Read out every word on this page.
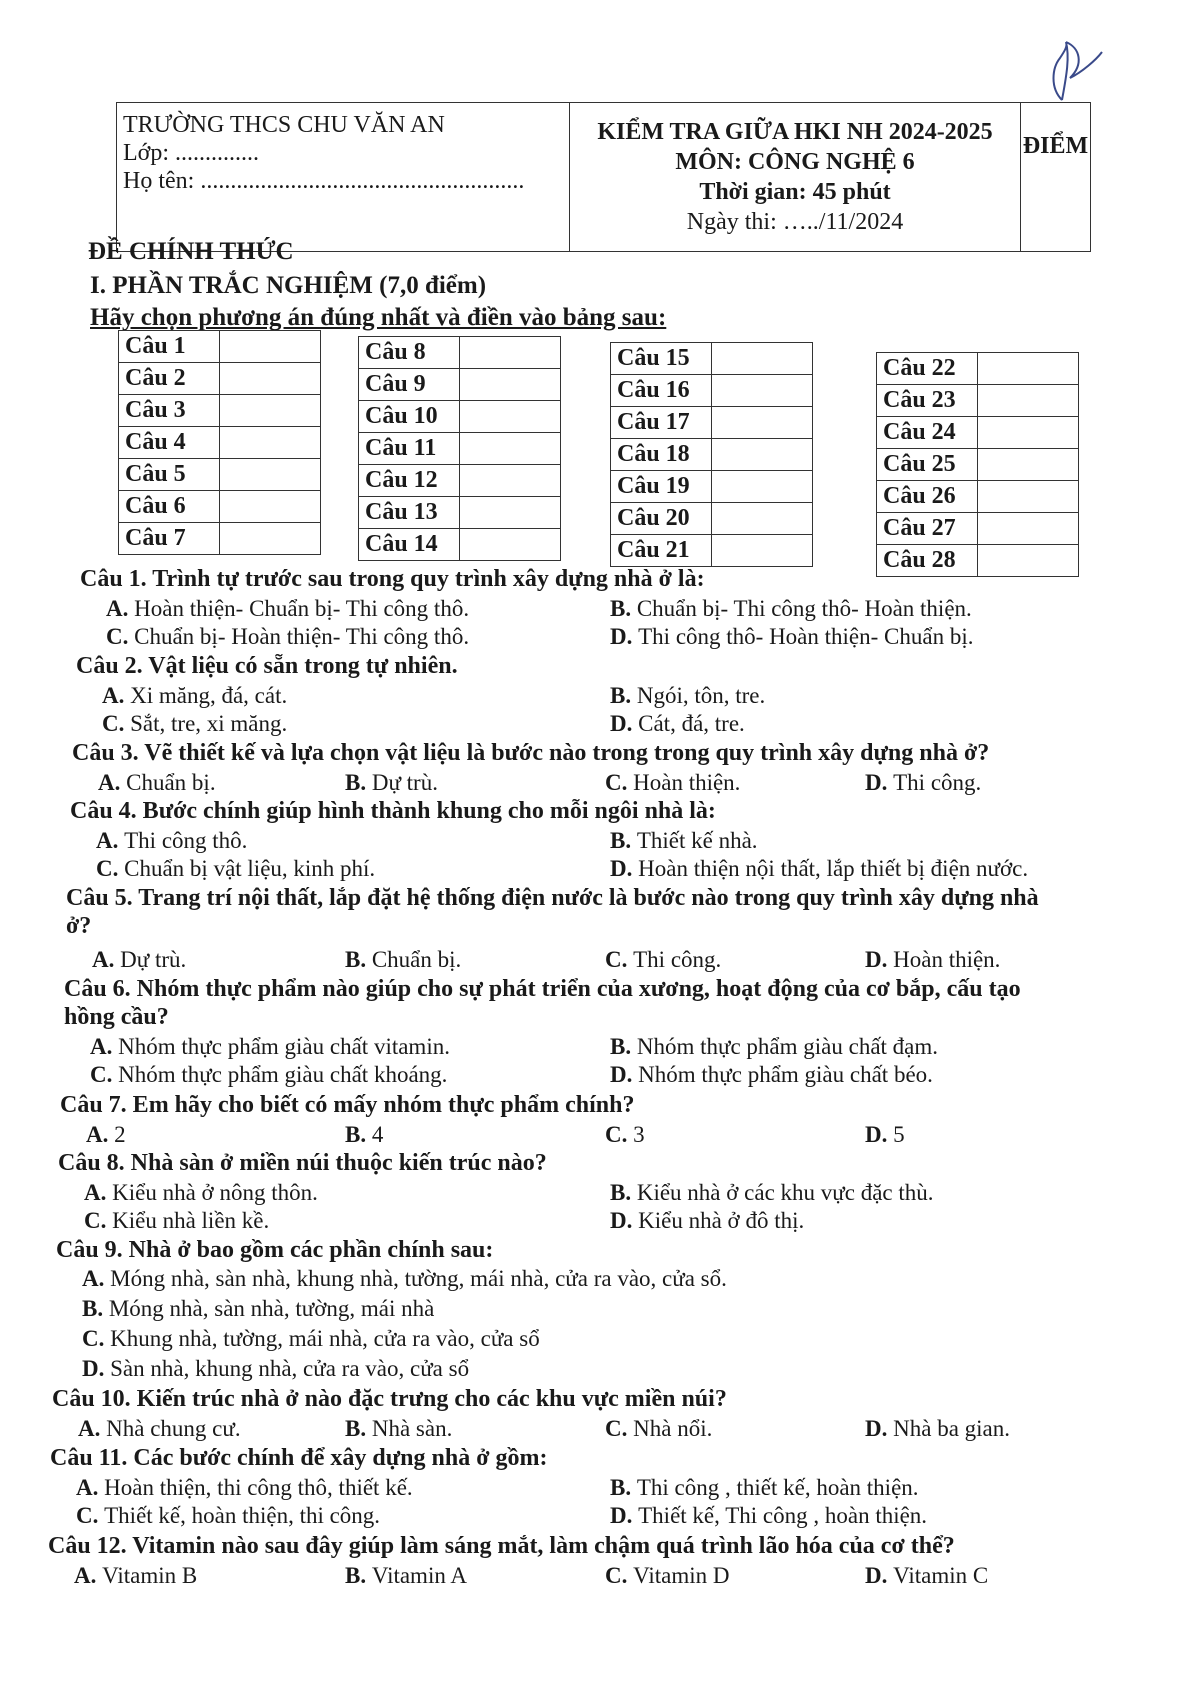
TRƯỜNG THCS CHU VĂN AN
Lớp: ..............
Họ tên: ......................................................

KIỂM TRA GIỮA HKI NH 2024-2025
MÔN: CÔNG NGHỆ 6
Thời gian: 45 phút
Ngày thi: …../11/2024

ĐIỂM
ĐỀ CHÍNH THỨC
I. PHẦN TRẮC NGHIỆM (7,0 điểm)
Hãy chọn phương án đúng nhất và điền vào bảng sau:
Câu 1	
Câu 2	
Câu 3	
Câu 4	
Câu 5	
Câu 6	
Câu 7	
Câu 8	
Câu 9	
Câu 10	
Câu 11	
Câu 12	
Câu 13	
Câu 14	
Câu 15	
Câu 16	
Câu 17	
Câu 18	
Câu 19	
Câu 20	
Câu 21	
Câu 22	
Câu 23	
Câu 24	
Câu 25	
Câu 26	
Câu 27	
Câu 28	
Câu 1. Trình tự trước sau trong quy trình xây dựng nhà ở là:
A. Hoàn thiện- Chuẩn bị- Thi công thô.	B. Chuẩn bị- Thi công thô- Hoàn thiện.
C. Chuẩn bị- Hoàn thiện- Thi công thô.	D. Thi công thô- Hoàn thiện- Chuẩn bị.
Câu 2. Vật liệu có sẵn trong tự nhiên.
A. Xi măng, đá, cát.	B. Ngói, tôn, tre.
C. Sắt, tre, xi măng.	D. Cát, đá, tre.
Câu 3. Vẽ thiết kế và lựa chọn vật liệu là bước nào trong trong quy trình xây dựng nhà ở?
A. Chuẩn bị.	B. Dự trù.	C. Hoàn thiện.	D. Thi công.
Câu 4. Bước chính giúp hình thành khung cho mỗi ngôi nhà là:
A. Thi công thô.	B. Thiết kế nhà.
C. Chuẩn bị vật liệu, kinh phí.	D. Hoàn thiện nội thất, lắp thiết bị điện nước.
Câu 5. Trang trí nội thất, lắp đặt hệ thống điện nước là bước nào trong quy trình xây dựng nhà
ở?
A. Dự trù.	B. Chuẩn bị.	C. Thi công.	D. Hoàn thiện.
Câu 6. Nhóm thực phẩm nào giúp cho sự phát triển của xương, hoạt động của cơ bắp, cấu tạo
hồng cầu?
A. Nhóm thực phẩm giàu chất vitamin.	B. Nhóm thực phẩm giàu chất đạm.
C. Nhóm thực phẩm giàu chất khoáng.	D. Nhóm thực phẩm giàu chất béo.
Câu 7. Em hãy cho biết có mấy nhóm thực phẩm chính?
A. 2	B. 4	C. 3	D. 5
Câu 8. Nhà sàn ở miền núi thuộc kiến trúc nào?
A. Kiểu nhà ở nông thôn.	B. Kiểu nhà ở các khu vực đặc thù.
C. Kiểu nhà liền kề.	D. Kiểu nhà ở đô thị.
Câu 9. Nhà ở bao gồm các phần chính sau:
A. Móng nhà, sàn nhà, khung nhà, tường, mái nhà, cửa ra vào, cửa sổ.
B. Móng nhà, sàn nhà, tường, mái nhà
C. Khung nhà, tường, mái nhà, cửa ra vào, cửa sổ
D. Sàn nhà, khung nhà, cửa ra vào, cửa sổ
Câu 10. Kiến trúc nhà ở nào đặc trưng cho các khu vực miền núi?
A. Nhà chung cư.	B. Nhà sàn.	C. Nhà nổi.	D. Nhà ba gian.
Câu 11. Các bước chính để xây dựng nhà ở gồm:
A. Hoàn thiện, thi công thô, thiết kế.	B. Thi công , thiết kế, hoàn thiện.
C. Thiết kế, hoàn thiện, thi công.	D. Thiết kế, Thi công , hoàn thiện.
Câu 12. Vitamin nào sau đây giúp làm sáng mắt, làm chậm quá trình lão hóa của cơ thể?
A. Vitamin B	B. Vitamin A	C. Vitamin D	D. Vitamin C
